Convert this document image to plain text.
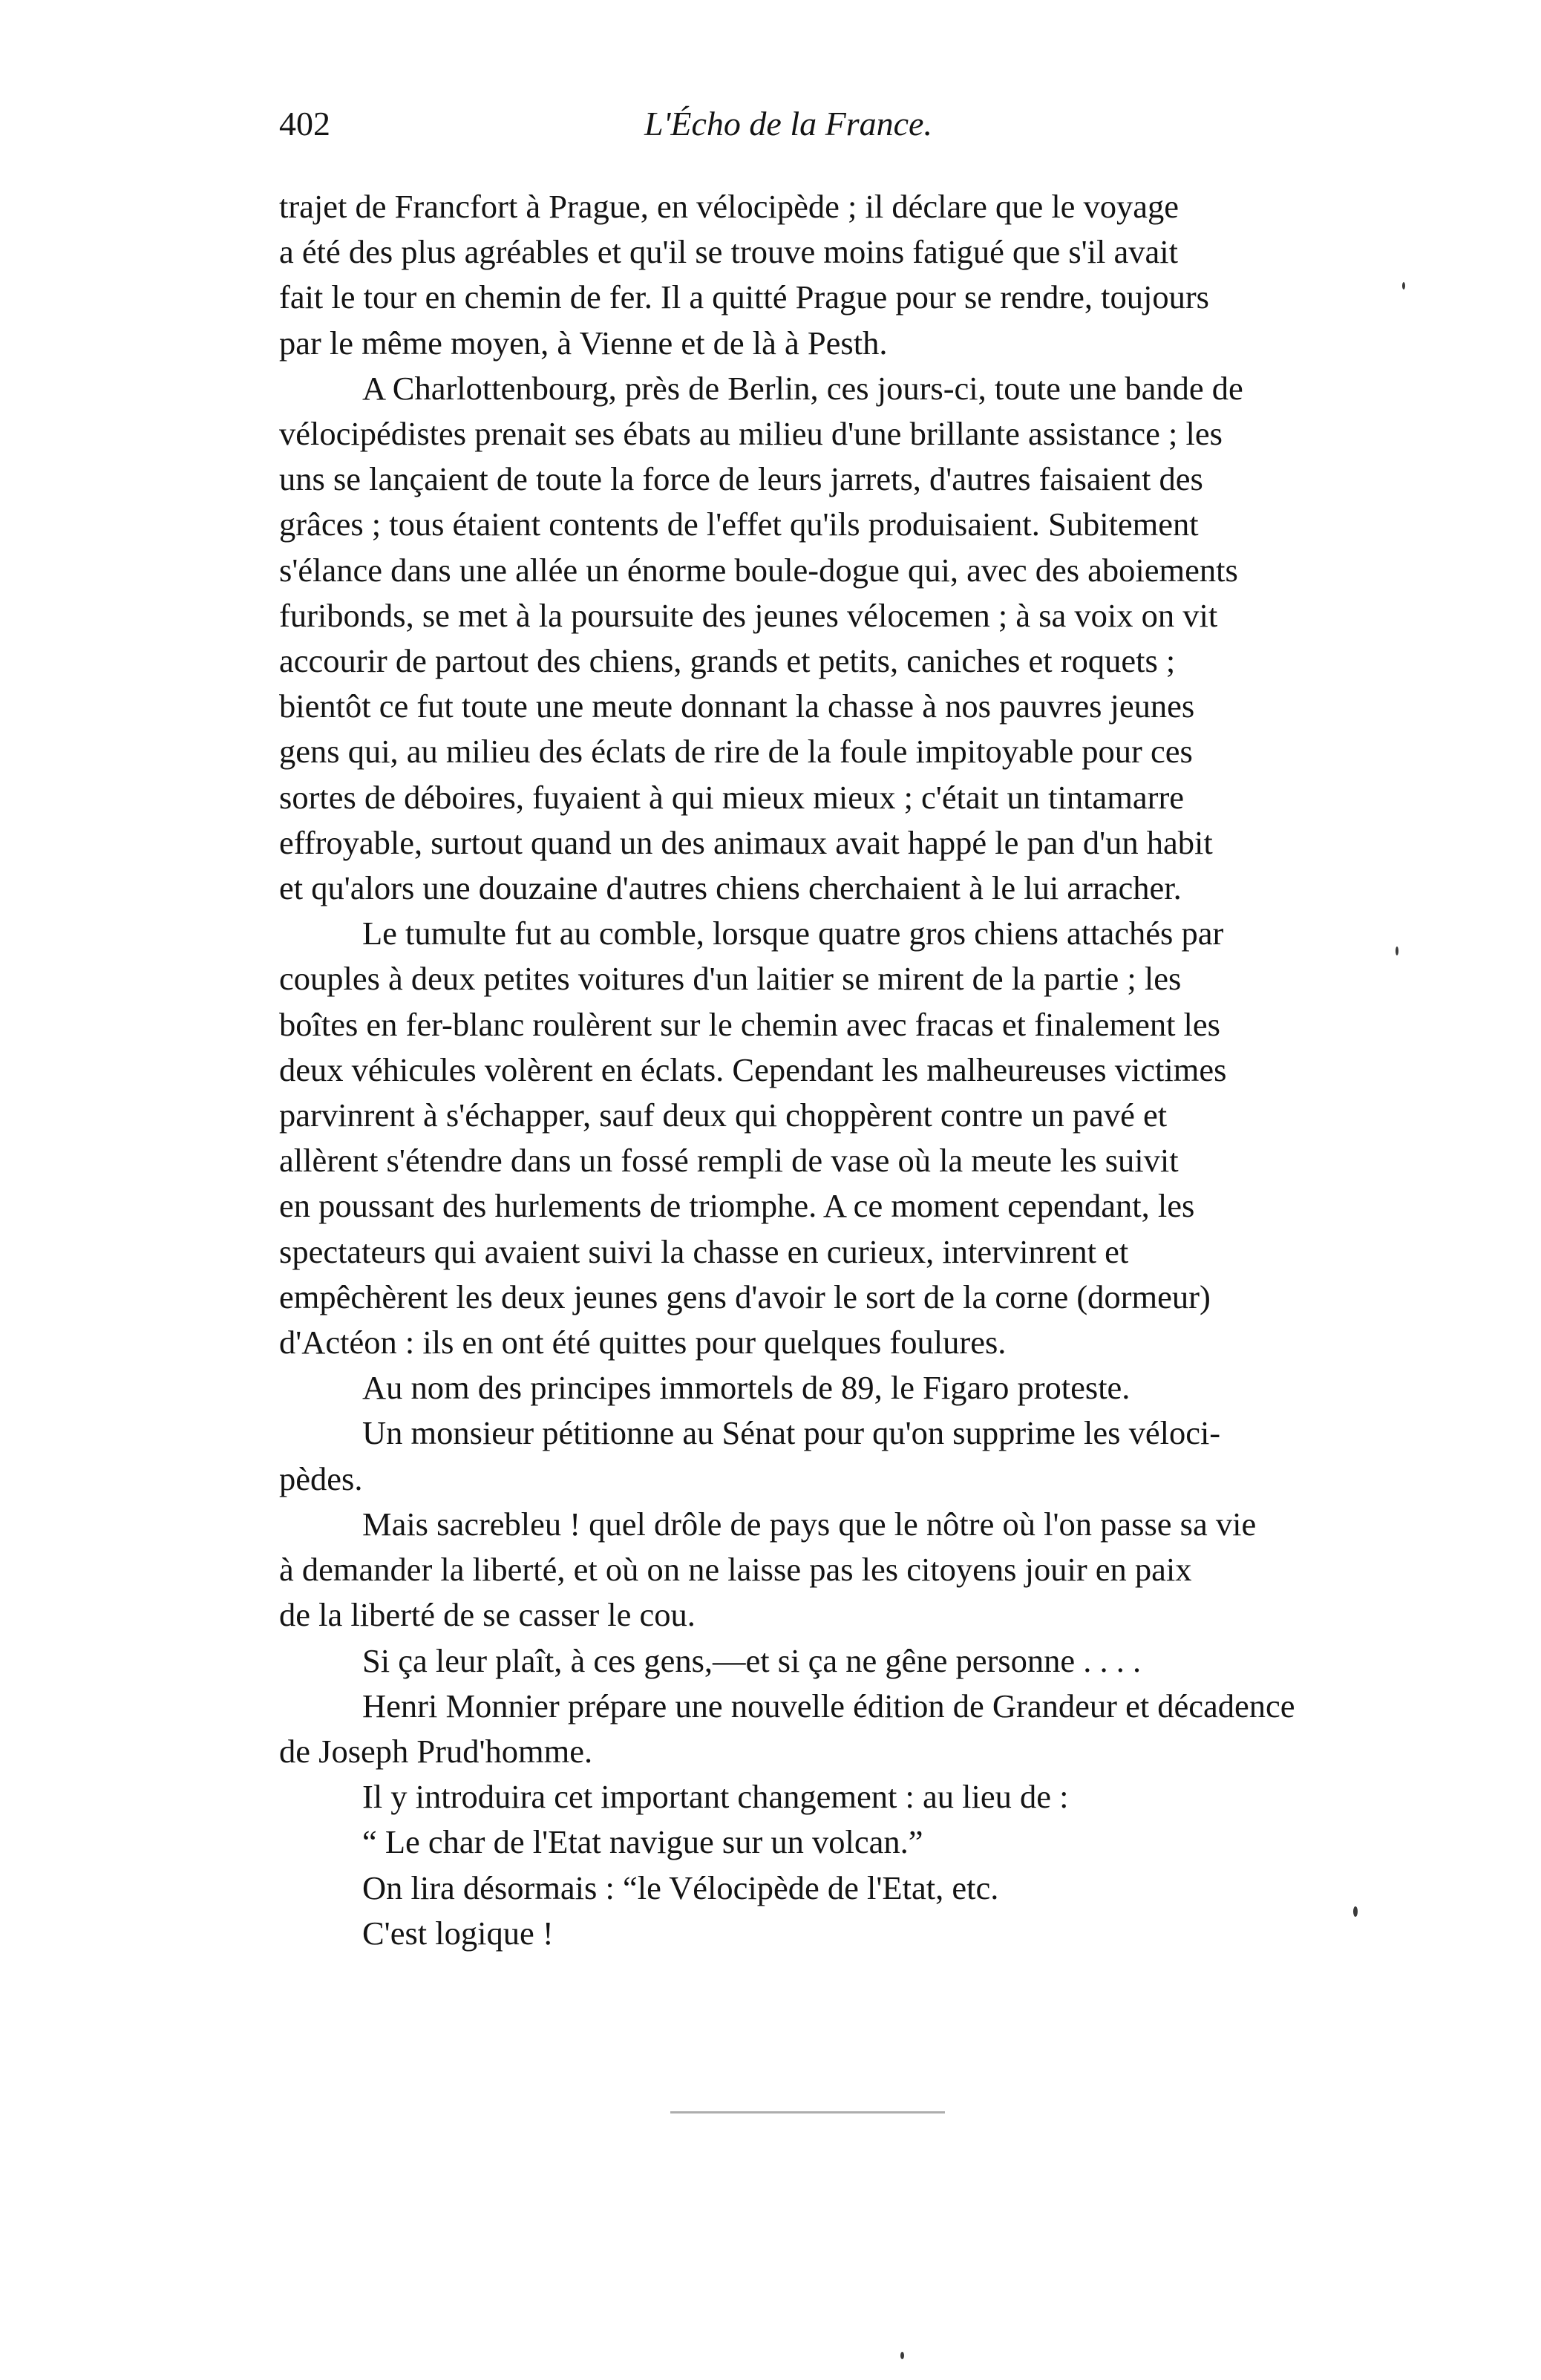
402	L'Écho de la France.

trajet de Francfort à Prague, en vélocipède ; il déclare que le voyage
a été des plus agréables et qu'il se trouve moins fatigué que s'il avait
fait le tour en chemin de fer. Il a quitté Prague pour se rendre, toujours
par le même moyen, à Vienne et de là à Pesth.

A Charlottenbourg, près de Berlin, ces jours-ci, toute une bande de
vélocipédistes prenait ses ébats au milieu d'une brillante assistance ; les
uns se lançaient de toute la force de leurs jarrets, d'autres faisaient des
grâces ; tous étaient contents de l'effet qu'ils produisaient. Subitement
s'élance dans une allée un énorme boule-dogue qui, avec des aboiements
furibonds, se met à la poursuite des jeunes vélocemen ; à sa voix on vit
accourir de partout des chiens, grands et petits, caniches et roquets ;
bientôt ce fut toute une meute donnant la chasse à nos pauvres jeunes
gens qui, au milieu des éclats de rire de la foule impitoyable pour ces
sortes de déboires, fuyaient à qui mieux mieux ; c'était un tintamarre
effroyable, surtout quand un des animaux avait happé le pan d'un habit
et qu'alors une douzaine d'autres chiens cherchaient à le lui arracher.

Le tumulte fut au comble, lorsque quatre gros chiens attachés par
couples à deux petites voitures d'un laitier se mirent de la partie ; les
boîtes en fer-blanc roulèrent sur le chemin avec fracas et finalement les
deux véhicules volèrent en éclats. Cependant les malheureuses victimes
parvinrent à s'échapper, sauf deux qui choppèrent contre un pavé et
allèrent s'étendre dans un fossé rempli de vase où la meute les suivit
en poussant des hurlements de triomphe. A ce moment cependant, les
spectateurs qui avaient suivi la chasse en curieux, intervinrent et
empêchèrent les deux jeunes gens d'avoir le sort de la corne (dormeur)
d'Actéon : ils en ont été quittes pour quelques foulures.

Au nom des principes immortels de 89, le Figaro proteste.

Un monsieur pétitionne au Sénat pour qu'on supprime les véloci-
pèdes.

Mais sacrebleu ! quel drôle de pays que le nôtre où l'on passe sa vie
à demander la liberté, et où on ne laisse pas les citoyens jouir en paix
de la liberté de se casser le cou.

Si ça leur plaît, à ces gens,—et si ça ne gêne personne . . . .

Henri Monnier prépare une nouvelle édition de Grandeur et décadence
de Joseph Prud'homme.

Il y introduira cet important changement : au lieu de :

“ Le char de l'Etat navigue sur un volcan.”

On lira désormais : “le Vélocipède de l'Etat, etc.

C'est logique !
